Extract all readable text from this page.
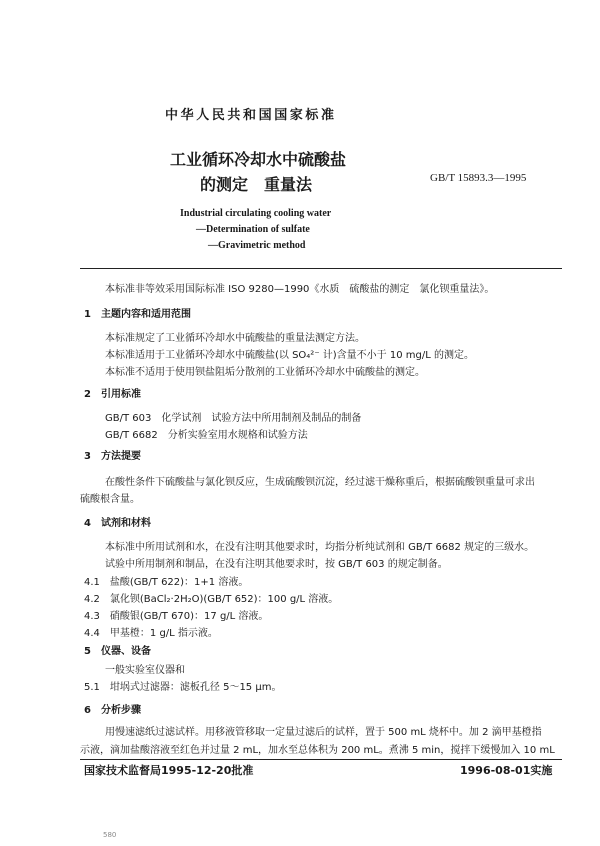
中华人民共和国国家标准
工业循环冷却水中硫酸盐
的测定　重量法	GB/T 15893.3—1995
Industrial circulating cooling water
—Determination of sulfate
—Gravimetric method
本标准非等效采用国际标准 ISO 9280—1990《水质　硫酸盐的测定　氯化钡重量法》。
1　主题内容和适用范围
本标准规定了工业循环冷却水中硫酸盐的重量法测定方法。
本标准适用于工业循环冷却水中硫酸盐(以 SO₄²⁻ 计)含量不小于 10 mg/L 的测定。
本标准不适用于使用钡盐阻垢分散剂的工业循环冷却水中硫酸盐的测定。
2　引用标准
GB/T 603　化学试剂　试验方法中所用制剂及制品的制备
GB/T 6682　分析实验室用水规格和试验方法
3　方法提要
在酸性条件下硫酸盐与氯化钡反应，生成硫酸钡沉淀，经过滤干燥称重后，根据硫酸钡重量可求出
硫酸根含量。
4　试剂和材料
本标准中所用试剂和水，在没有注明其他要求时，均指分析纯试剂和 GB/T 6682 规定的三级水。
试验中所用制剂和制品，在没有注明其他要求时，按 GB/T 603 的规定制备。
4.1　盐酸(GB/T 622)：1+1 溶液。
4.2　氯化钡(BaCl₂·2H₂O)(GB/T 652)：100 g/L 溶液。
4.3　硝酸银(GB/T 670)：17 g/L 溶液。
4.4　甲基橙：1 g/L 指示液。
5　仪器、设备
一般实验室仪器和
5.1　坩埚式过滤器：滤板孔径 5～15 μm。
6　分析步骤
用慢速滤纸过滤试样。用移液管移取一定量过滤后的试样，置于 500 mL 烧杯中。加 2 滴甲基橙指
示液，滴加盐酸溶液至红色并过量 2 mL，加水至总体积为 200 mL。煮沸 5 min，搅拌下缓慢加入 10 mL
国家技术监督局1995-12-20批准	1996-08-01实施
580
